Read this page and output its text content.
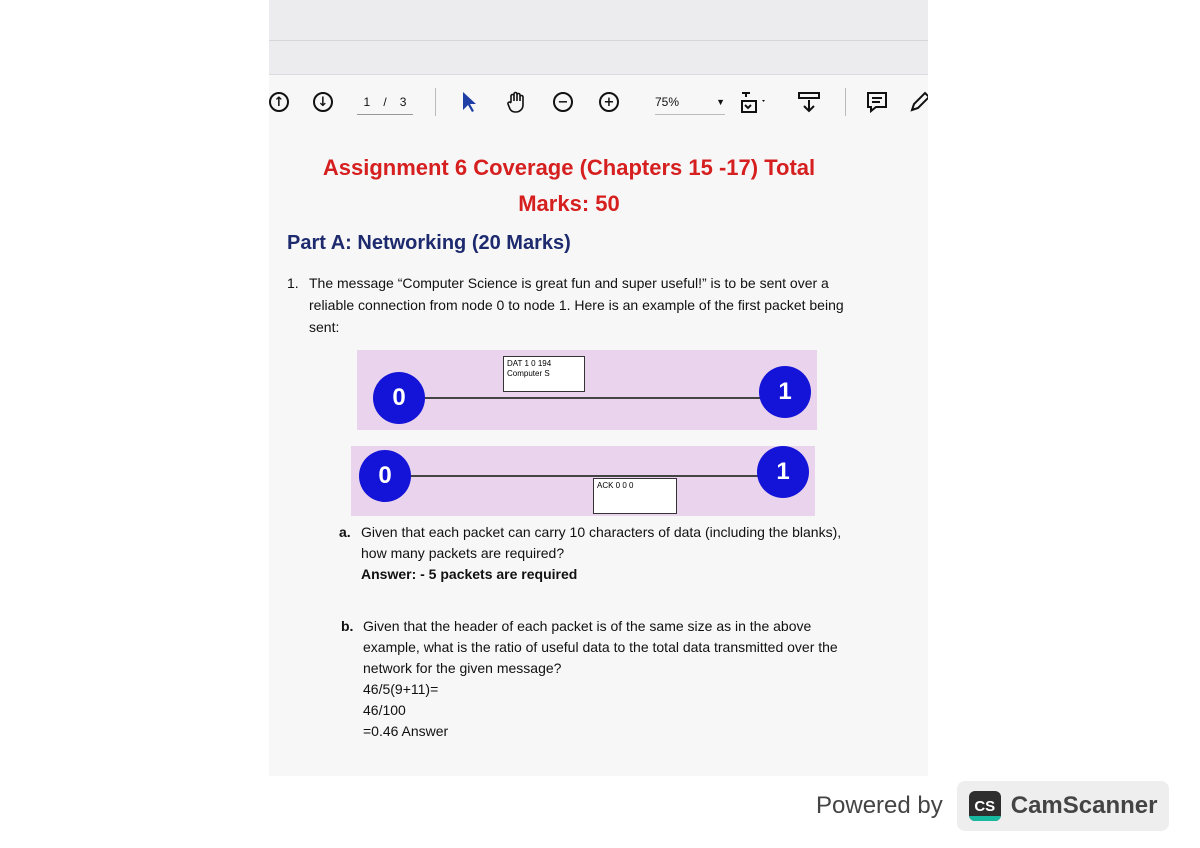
↑	↓	1 / 3	−	+	75%	▼
Assignment 6 Coverage (Chapters 15 -17) Total
Marks: 50
Part A: Networking (20 Marks)
1. The message “Computer Science is great fun and super useful!” is to be sent over a reliable connection from node 0 to node 1. Here is an example of the first packet being sent:
0	1
DAT 1 0 194
Computer S
0	1
ACK 0 0 0
a. Given that each packet can carry 10 characters of data (including the blanks), how many packets are required?
Answer: - 5 packets are required
b. Given that the header of each packet is of the same size as in the above example, what is the ratio of useful data to the total data transmitted over the network for the given message?
46/5(9+11)=
46/100
=0.46 Answer
Powered by	CS CamScanner
